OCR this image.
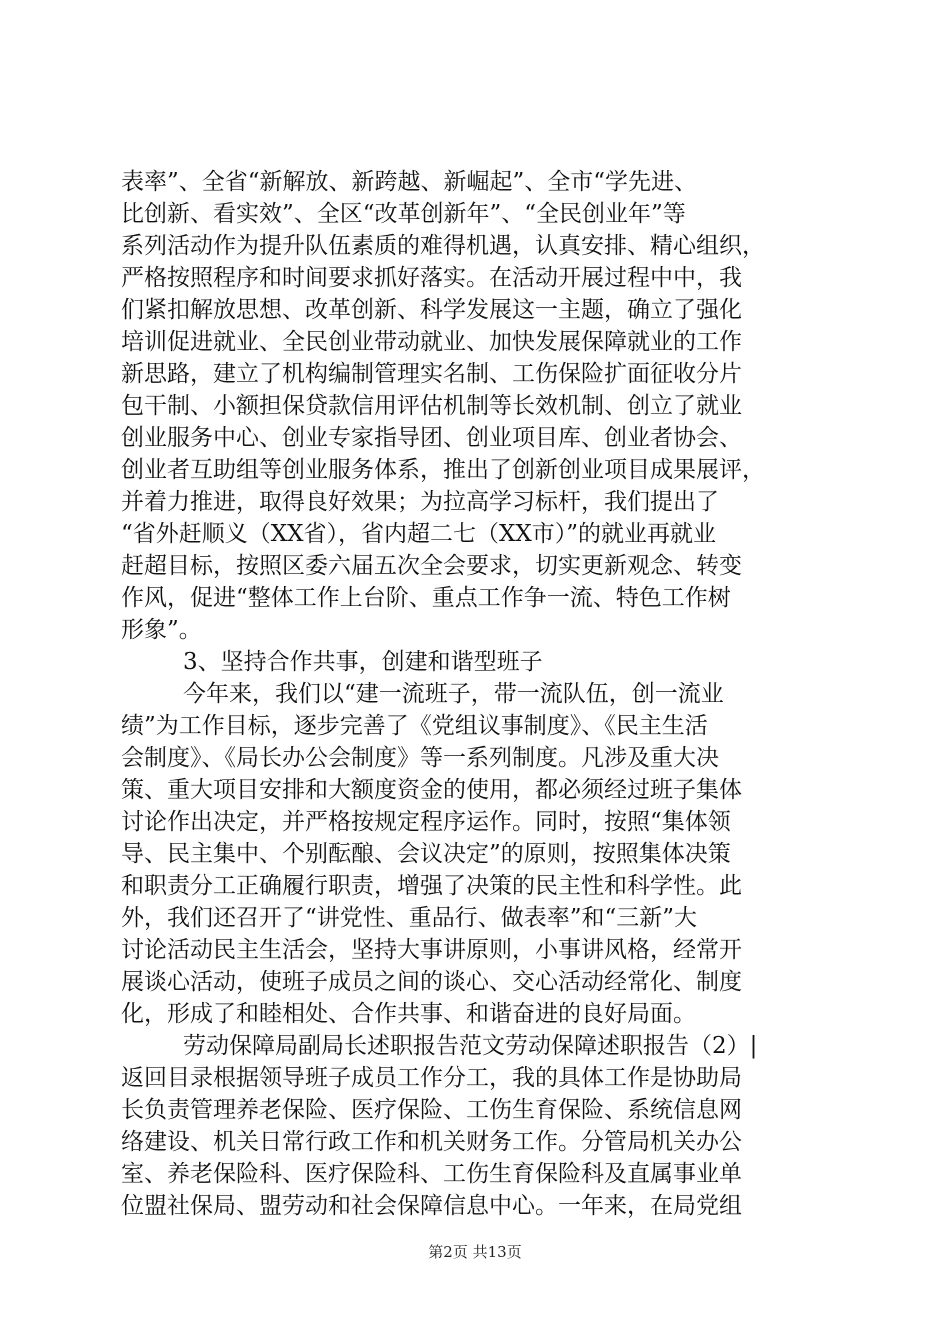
表率”、全省“新解放、新跨越、新崛起”、全市“学先进、
比创新、看实效”、全区“改革创新年”、“全民创业年”等
系列活动作为提升队伍素质的难得机遇，认真安排、精心组织，
严格按照程序和时间要求抓好落实。在活动开展过程中中，我
们紧扣解放思想、改革创新、科学发展这一主题，确立了强化
培训促进就业、全民创业带动就业、加快发展保障就业的工作
新思路，建立了机构编制管理实名制、工伤保险扩面征收分片
包干制、小额担保贷款信用评估机制等长效机制、创立了就业
创业服务中心、创业专家指导团、创业项目库、创业者协会、
创业者互助组等创业服务体系，推出了创新创业项目成果展评，
并着力推进，取得良好效果；为拉高学习标杆，我们提出了
“省外赶顺义（XX省），省内超二七（XX市）”的就业再就业
赶超目标，按照区委六届五次全会要求，切实更新观念、转变
作风，促进“整体工作上台阶、重点工作争一流、特色工作树
形象”。
3、坚持合作共事，创建和谐型班子
今年来，我们以“建一流班子，带一流队伍，创一流业
绩”为工作目标，逐步完善了《党组议事制度》、《民主生活
会制度》、《局长办公会制度》等一系列制度。凡涉及重大决
策、重大项目安排和大额度资金的使用，都必须经过班子集体
讨论作出决定，并严格按规定程序运作。同时，按照“集体领
导、民主集中、个别酝酿、会议决定”的原则，按照集体决策
和职责分工正确履行职责，增强了决策的民主性和科学性。此
外，我们还召开了“讲党性、重品行、做表率”和“三新”大
讨论活动民主生活会，坚持大事讲原则，小事讲风格，经常开
展谈心活动，使班子成员之间的谈心、交心活动经常化、制度
化，形成了和睦相处、合作共事、和谐奋进的良好局面。
劳动保障局副局长述职报告范文劳动保障述职报告（2）|
返回目录根据领导班子成员工作分工，我的具体工作是协助局
长负责管理养老保险、医疗保险、工伤生育保险、系统信息网
络建设、机关日常行政工作和机关财务工作。分管局机关办公
室、养老保险科、医疗保险科、工伤生育保险科及直属事业单
位盟社保局、盟劳动和社会保障信息中心。一年来，在局党组
第2页 共13页
